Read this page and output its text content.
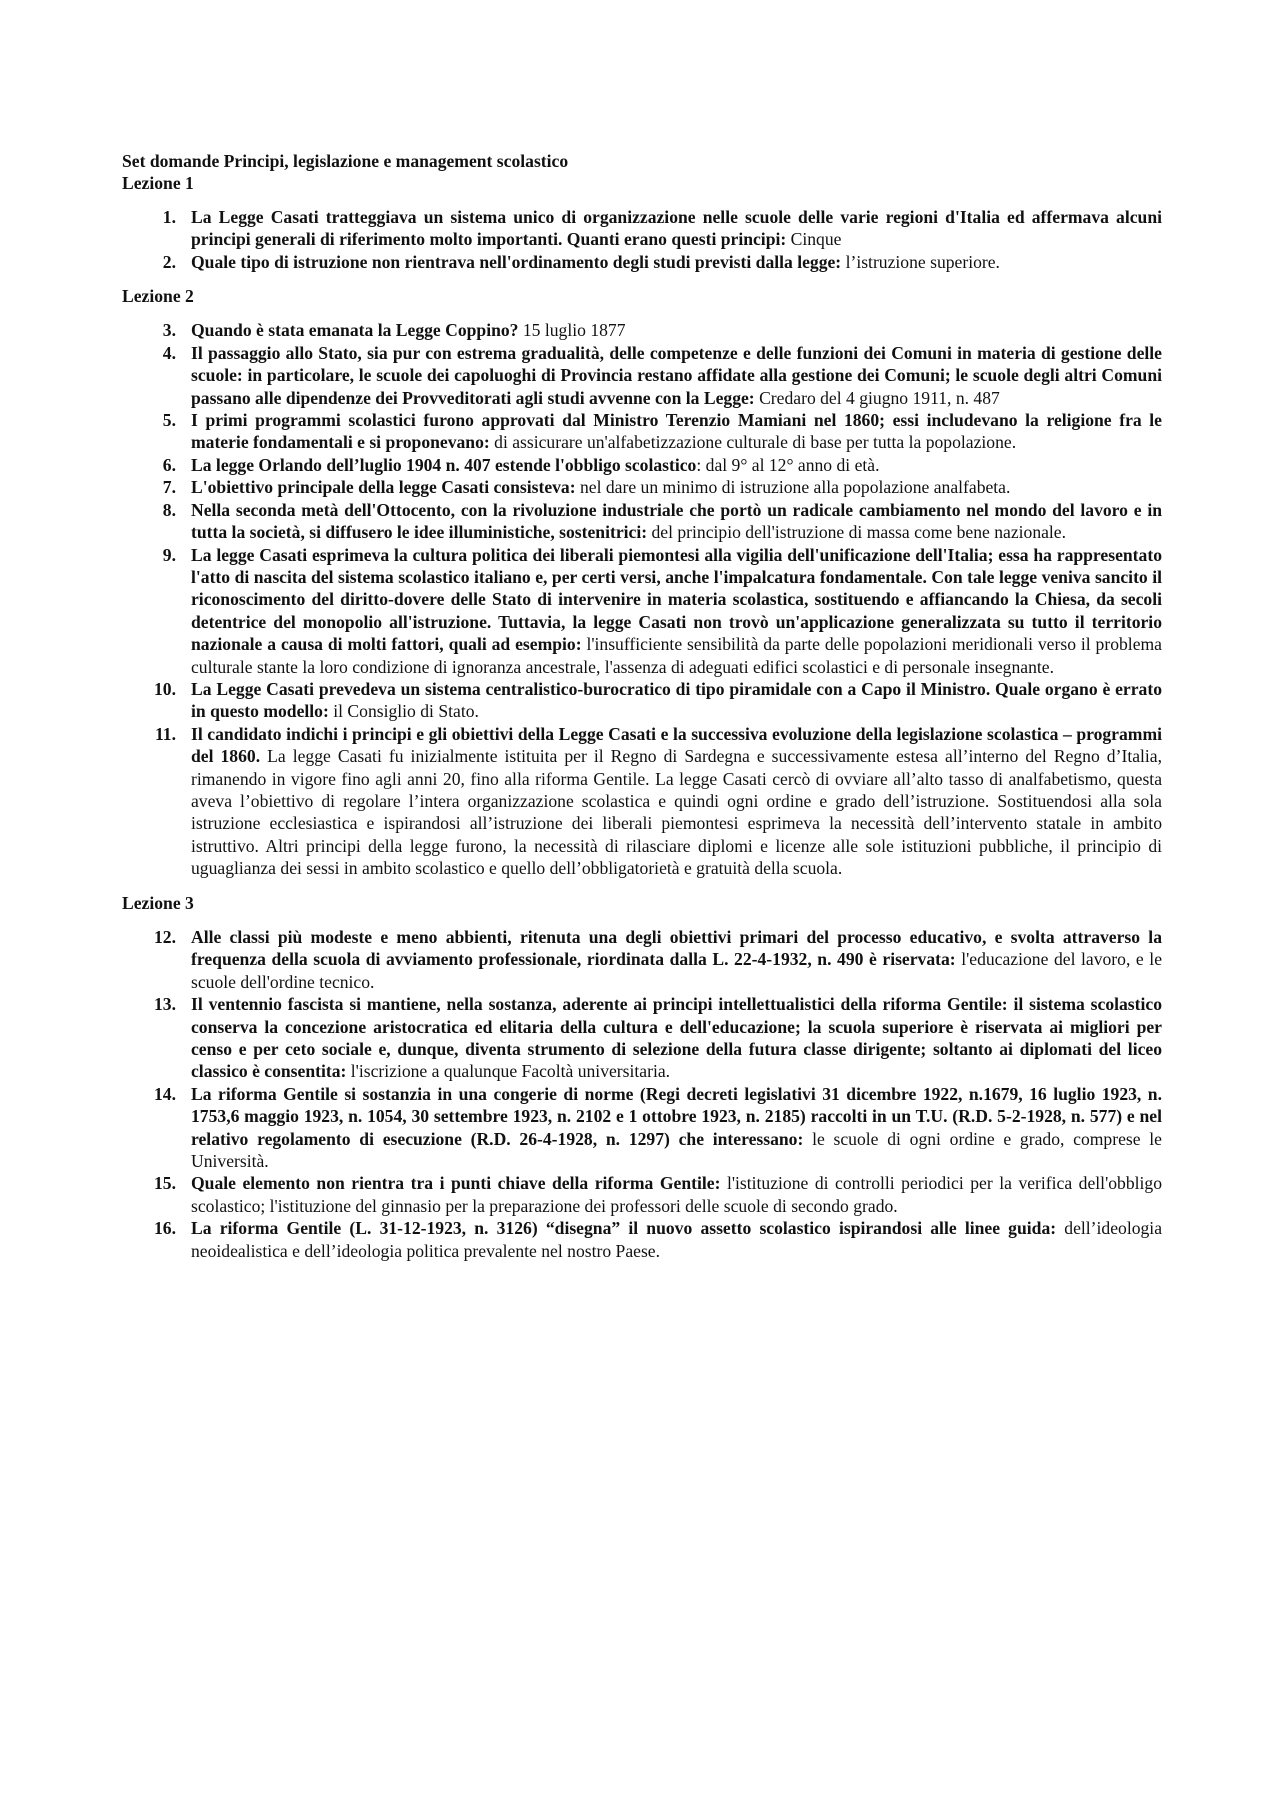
Set domande Principi, legislazione e management scolastico
Lezione 1
1. La Legge Casati tratteggiava un sistema unico di organizzazione nelle scuole delle varie regioni d'Italia ed affermava alcuni principi generali di riferimento molto importanti. Quanti erano questi principi: Cinque
2. Quale tipo di istruzione non rientrava nell'ordinamento degli studi previsti dalla legge: l’istruzione superiore.
Lezione 2
3. Quando è stata emanata la Legge Coppino? 15 luglio 1877
4. Il passaggio allo Stato, sia pur con estrema gradualità, delle competenze e delle funzioni dei Comuni in materia di gestione delle scuole: in particolare, le scuole dei capoluoghi di Provincia restano affidate alla gestione dei Comuni; le scuole degli altri Comuni passano alle dipendenze dei Provveditorati agli studi avvenne con la Legge: Credaro del 4 giugno 1911, n. 487
5. I primi programmi scolastici furono approvati dal Ministro Terenzio Mamiani nel 1860; essi includevano la religione fra le materie fondamentali e si proponevano: di assicurare un'alfabetizzazione culturale di base per tutta la popolazione.
6. La legge Orlando dell’luglio 1904 n. 407 estende l'obbligo scolastico: dal 9° al 12° anno di età.
7. L'obiettivo principale della legge Casati consisteva: nel dare un minimo di istruzione alla popolazione analfabeta.
8. Nella seconda metà dell'Ottocento, con la rivoluzione industriale che portò un radicale cambiamento nel mondo del lavoro e in tutta la società, si diffusero le idee illuministiche, sostenitrici: del principio dell'istruzione di massa come bene nazionale.
9. La legge Casati esprimeva la cultura politica dei liberali piemontesi alla vigilia dell'unificazione dell'Italia; essa ha rappresentato l'atto di nascita del sistema scolastico italiano e, per certi versi, anche l'impalcatura fondamentale. Con tale legge veniva sancito il riconoscimento del diritto-dovere delle Stato di intervenire in materia scolastica, sostituendo e affiancando la Chiesa, da secoli detentrice del monopolio all'istruzione. Tuttavia, la legge Casati non trovò un'applicazione generalizzata su tutto il territorio nazionale a causa di molti fattori, quali ad esempio: l'insufficiente sensibilità da parte delle popolazioni meridionali verso il problema culturale stante la loro condizione di ignoranza ancestrale, l'assenza di adeguati edifici scolastici e di personale insegnante.
10. La Legge Casati prevedeva un sistema centralistico-burocratico di tipo piramidale con a Capo il Ministro. Quale organo è errato in questo modello: il Consiglio di Stato.
11. Il candidato indichi i principi e gli obiettivi della Legge Casati e la successiva evoluzione della legislazione scolastica – programmi del 1860. La legge Casati fu inizialmente istituita per il Regno di Sardegna e successivamente estesa all’interno del Regno d’Italia, rimanendo in vigore fino agli anni 20, fino alla riforma Gentile. La legge Casati cercò di ovviare all’alto tasso di analfabetismo, questa aveva l’obiettivo di regolare l’intera organizzazione scolastica e quindi ogni ordine e grado dell’istruzione. Sostituendosi alla sola istruzione ecclesiastica e ispirandosi all’istruzione dei liberali piemontesi esprimeva la necessità dell’intervento statale in ambito istruttivo. Altri principi della legge furono, la necessità di rilasciare diplomi e licenze alle sole istituzioni pubbliche, il principio di uguaglianza dei sessi in ambito scolastico e quello dell’obbligatorietà e gratuità della scuola.
Lezione 3
12. Alle classi più modeste e meno abbienti, ritenuta una degli obiettivi primari del processo educativo, e svolta attraverso la frequenza della scuola di avviamento professionale, riordinata dalla L. 22-4-1932, n. 490 è riservata: l'educazione del lavoro, e le scuole dell'ordine tecnico.
13. Il ventennio fascista si mantiene, nella sostanza, aderente ai principi intellettualistici della riforma Gentile: il sistema scolastico conserva la concezione aristocratica ed elitaria della cultura e dell'educazione; la scuola superiore è riservata ai migliori per censo e per ceto sociale e, dunque, diventa strumento di selezione della futura classe dirigente; soltanto ai diplomati del liceo classico è consentita: l'iscrizione a qualunque Facoltà universitaria.
14. La riforma Gentile si sostanzia in una congerie di norme (Regi decreti legislativi 31 dicembre 1922, n.1679, 16 luglio 1923, n. 1753,6 maggio 1923, n. 1054, 30 settembre 1923, n. 2102 e 1 ottobre 1923, n. 2185) raccolti in un T.U. (R.D. 5-2-1928, n. 577) e nel relativo regolamento di esecuzione (R.D. 26-4-1928, n. 1297) che interessano: le scuole di ogni ordine e grado, comprese le Università.
15. Quale elemento non rientra tra i punti chiave della riforma Gentile: l'istituzione di controlli periodici per la verifica dell'obbligo scolastico; l'istituzione del ginnasio per la preparazione dei professori delle scuole di secondo grado.
16. La riforma Gentile (L. 31-12-1923, n. 3126) “disegna” il nuovo assetto scolastico ispirandosi alle linee guida: dell’ideologia neoidealistica e dell’ideologia politica prevalente nel nostro Paese.
